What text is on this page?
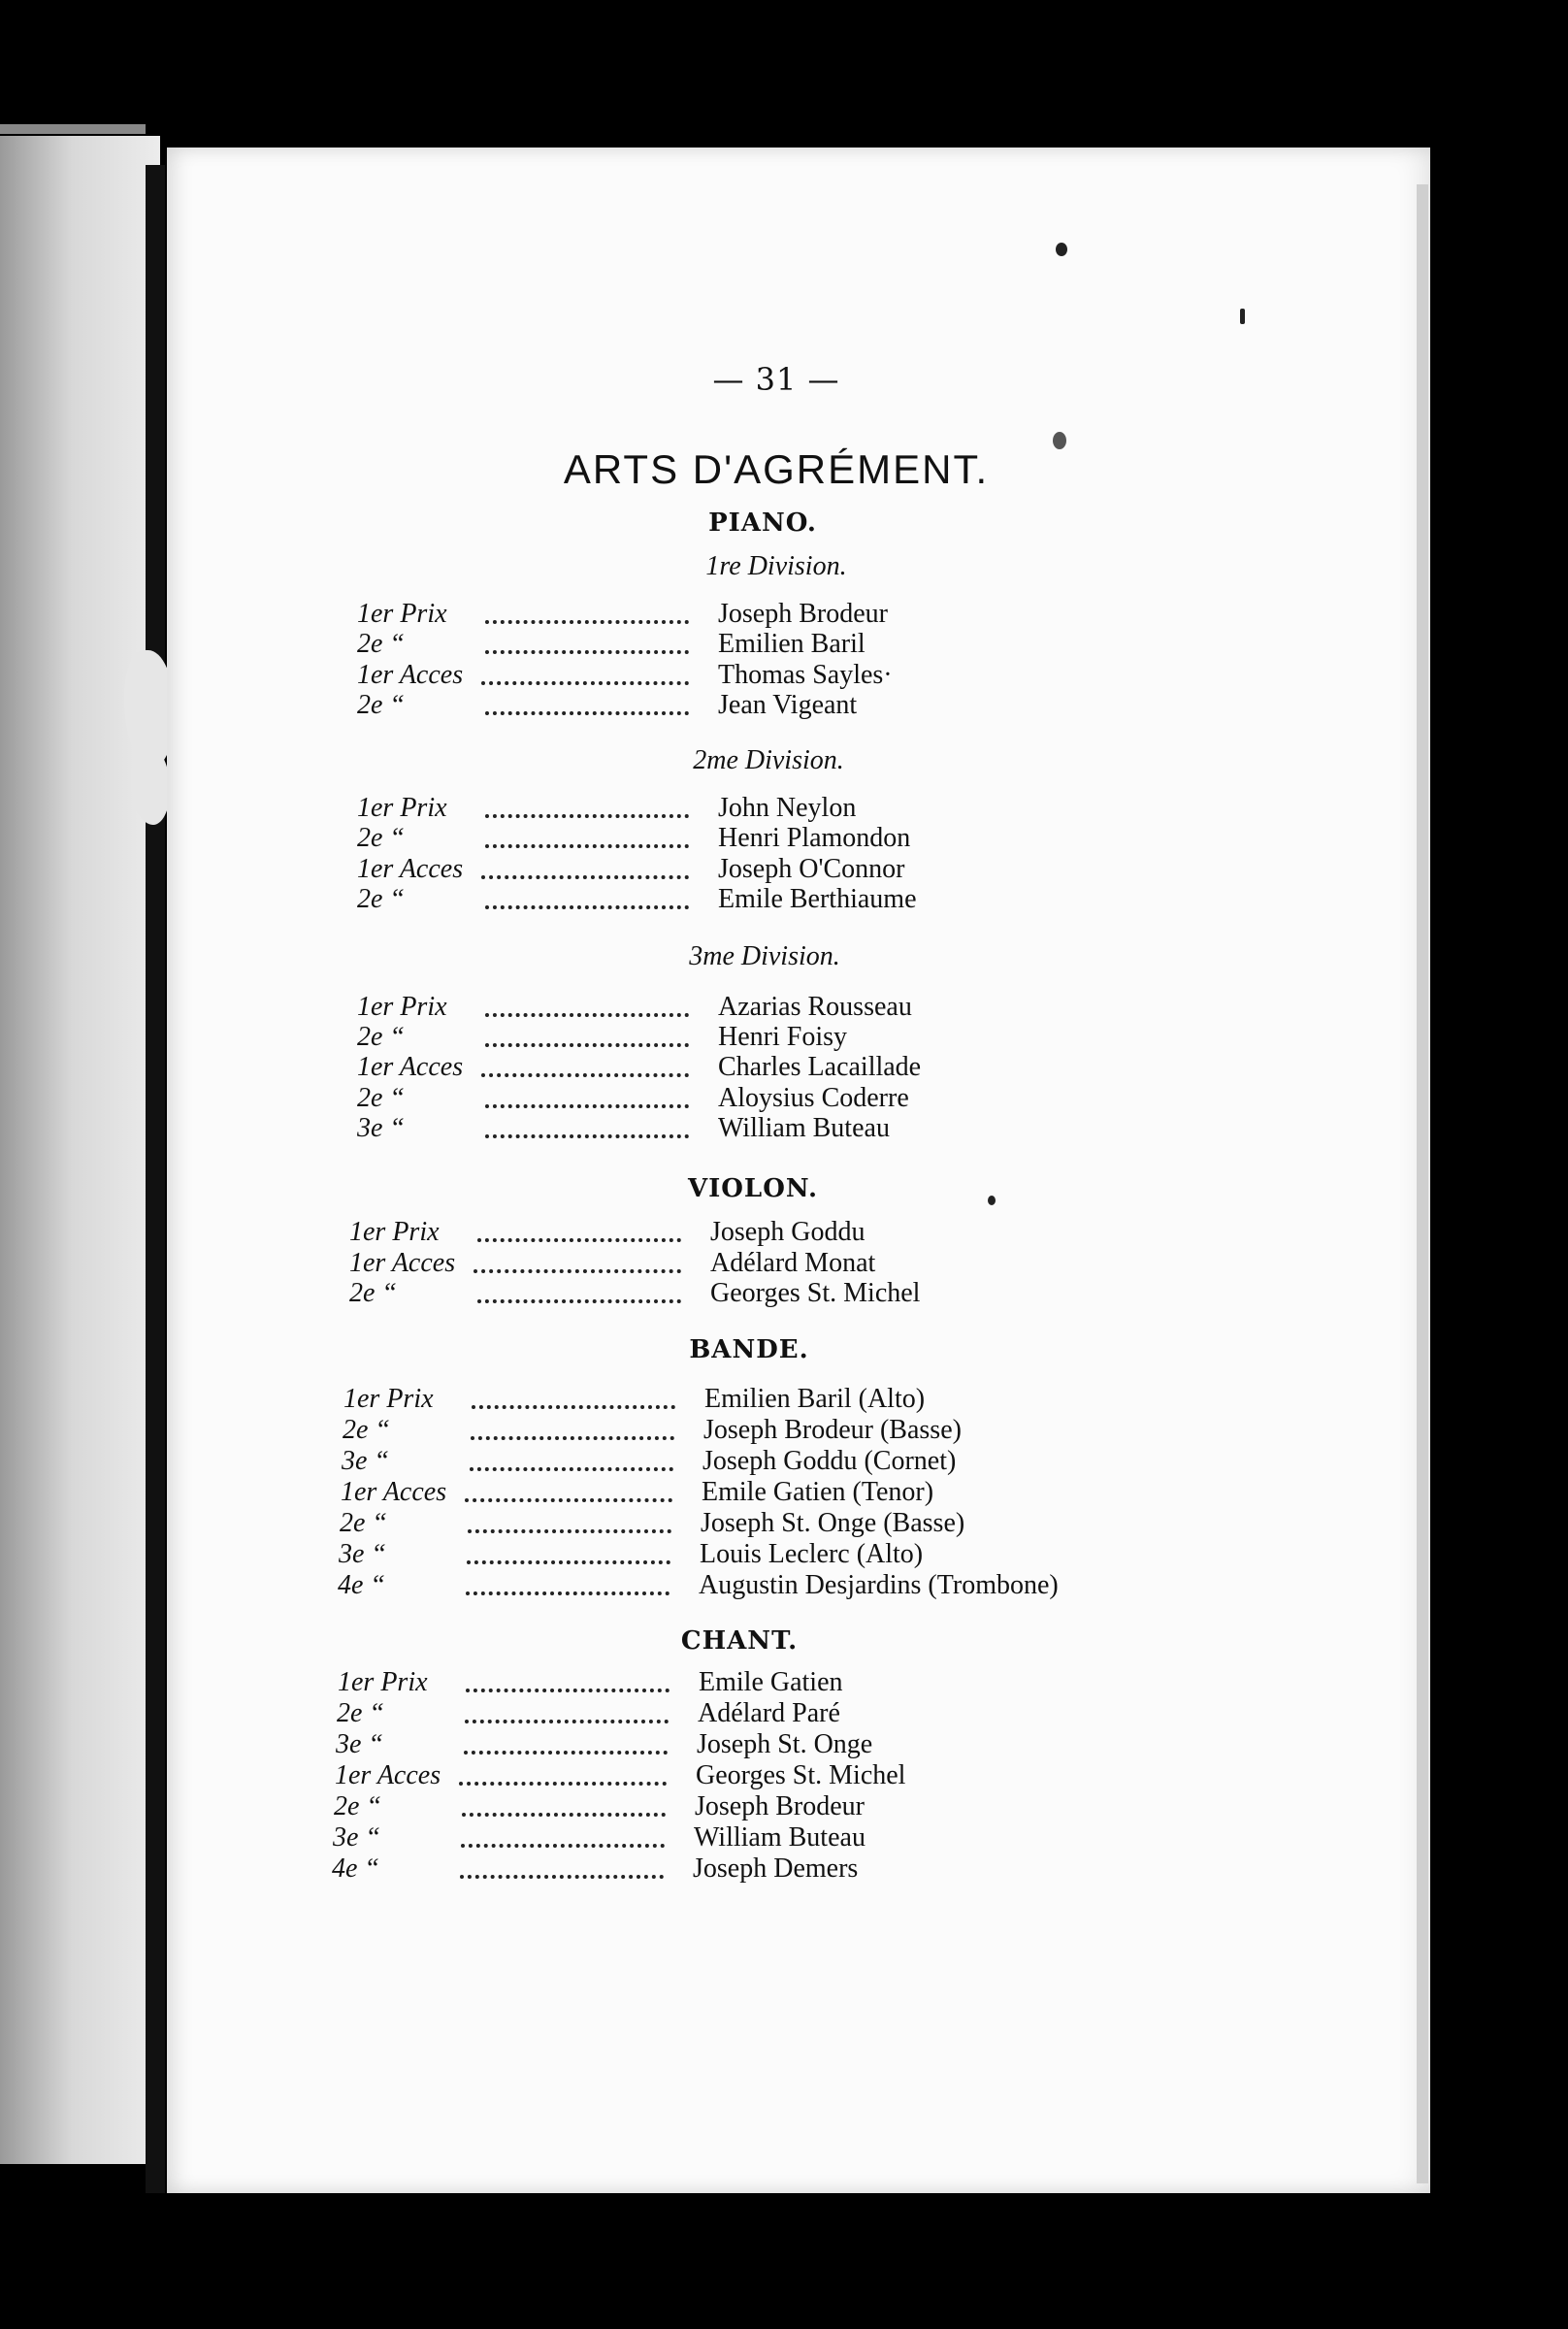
— 31 —
ARTS D'AGRÉMENT.
PIANO.
1re Division.
1er Prix	Joseph Brodeur
2e “	Emilien Baril
1er Acces	Thomas Sayles·
2e “	Jean Vigeant
2me Division.
1er Prix	John Neylon
2e “	Henri Plamondon
1er Acces	Joseph O'Connor
2e “	Emile Berthiaume
3me Division.
1er Prix	Azarias Rousseau
2e “	Henri Foisy
1er Acces	Charles Lacaillade
2e “	Aloysius Coderre
3e “	William Buteau
VIOLON.
1er Prix	Joseph Goddu
1er Acces	Adélard Monat
2e “	Georges St. Michel
BANDE.
1er Prix	Emilien Baril (Alto)
2e “	Joseph Brodeur (Basse)
3e “	Joseph Goddu (Cornet)
1er Acces	Emile Gatien (Tenor)
2e “	Joseph St. Onge (Basse)
3e “	Louis Leclerc (Alto)
4e “	Augustin Desjardins (Trombone)
CHANT.
1er Prix	Emile Gatien
2e “	Adélard Paré
3e “	Joseph St. Onge
1er Acces	Georges St. Michel
2e “	Joseph Brodeur
3e “	William Buteau
4e “	Joseph Demers
